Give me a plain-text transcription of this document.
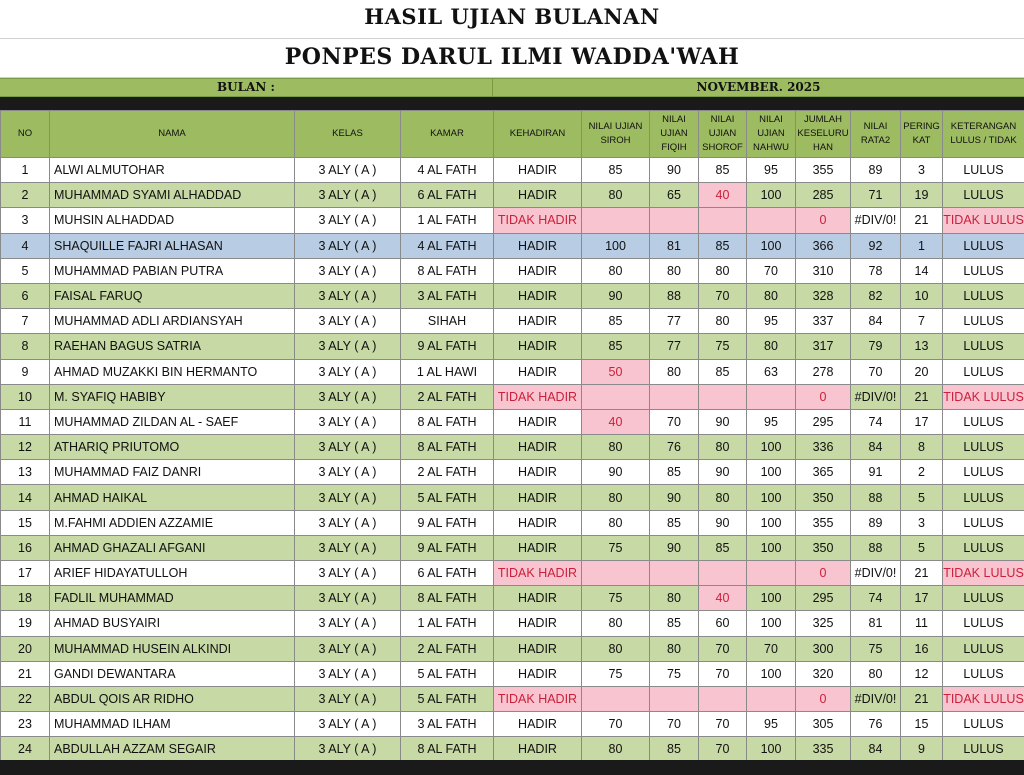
HASIL UJIAN BULANAN
PONPES DARUL ILMI WADDA'WAH
BULAN :	NOVEMBER. 2025
NO	NAMA	KELAS	KAMAR	KEHADIRAN	NILAI UJIAN SIROH	NILAI UJIAN FIQIH	NILAI UJIAN SHOROF	NILAI UJIAN NAHWU	JUMLAH KESELURU HAN	NILAI RATA2	PERING KAT	KETERANGAN LULUS / TIDAK
1	ALWI ALMUTOHAR	3 ALY ( A )	4 AL FATH	HADIR	85	90	85	95	355	89	3	LULUS
2	MUHAMMAD SYAMI ALHADDAD	3 ALY ( A )	6 AL FATH	HADIR	80	65	40	100	285	71	19	LULUS
3	MUHSIN ALHADDAD	3 ALY ( A )	1 AL FATH	TIDAK HADIR					0	#DIV/0!	21	TIDAK LULUS
4	SHAQUILLE FAJRI ALHASAN	3 ALY ( A )	4 AL FATH	HADIR	100	81	85	100	366	92	1	LULUS
5	MUHAMMAD PABIAN PUTRA	3 ALY ( A )	8 AL FATH	HADIR	80	80	80	70	310	78	14	LULUS
6	FAISAL FARUQ	3 ALY ( A )	3 AL FATH	HADIR	90	88	70	80	328	82	10	LULUS
7	MUHAMMAD ADLI ARDIANSYAH	3 ALY ( A )	SIHAH	HADIR	85	77	80	95	337	84	7	LULUS
8	RAEHAN BAGUS SATRIA	3 ALY ( A )	9 AL FATH	HADIR	85	77	75	80	317	79	13	LULUS
9	AHMAD MUZAKKI BIN HERMANTO	3 ALY ( A )	1 AL HAWI	HADIR	50	80	85	63	278	70	20	LULUS
10	M. SYAFIQ HABIBY	3 ALY ( A )	2 AL FATH	TIDAK HADIR					0	#DIV/0!	21	TIDAK LULUS
11	MUHAMMAD ZILDAN AL - SAEF	3 ALY ( A )	8 AL FATH	HADIR	40	70	90	95	295	74	17	LULUS
12	ATHARIQ PRIUTOMO	3 ALY ( A )	8 AL FATH	HADIR	80	76	80	100	336	84	8	LULUS
13	MUHAMMAD FAIZ DANRI	3 ALY ( A )	2 AL FATH	HADIR	90	85	90	100	365	91	2	LULUS
14	AHMAD HAIKAL	3 ALY ( A )	5 AL FATH	HADIR	80	90	80	100	350	88	5	LULUS
15	M.FAHMI ADDIEN AZZAMIE	3 ALY ( A )	9 AL FATH	HADIR	80	85	90	100	355	89	3	LULUS
16	AHMAD GHAZALI AFGANI	3 ALY ( A )	9 AL FATH	HADIR	75	90	85	100	350	88	5	LULUS
17	ARIEF HIDAYATULLOH	3 ALY ( A )	6 AL FATH	TIDAK HADIR					0	#DIV/0!	21	TIDAK LULUS
18	FADLIL MUHAMMAD	3 ALY ( A )	8 AL FATH	HADIR	75	80	40	100	295	74	17	LULUS
19	AHMAD BUSYAIRI	3 ALY ( A )	1 AL FATH	HADIR	80	85	60	100	325	81	11	LULUS
20	MUHAMMAD HUSEIN ALKINDI	3 ALY ( A )	2 AL FATH	HADIR	80	80	70	70	300	75	16	LULUS
21	GANDI DEWANTARA	3 ALY ( A )	5 AL FATH	HADIR	75	75	70	100	320	80	12	LULUS
22	ABDUL QOIS AR RIDHO	3 ALY ( A )	5 AL FATH	TIDAK HADIR					0	#DIV/0!	21	TIDAK LULUS
23	MUHAMMAD ILHAM	3 ALY ( A )	3 AL FATH	HADIR	70	70	70	95	305	76	15	LULUS
24	ABDULLAH AZZAM SEGAIR	3 ALY ( A )	8 AL FATH	HADIR	80	85	70	100	335	84	9	LULUS
